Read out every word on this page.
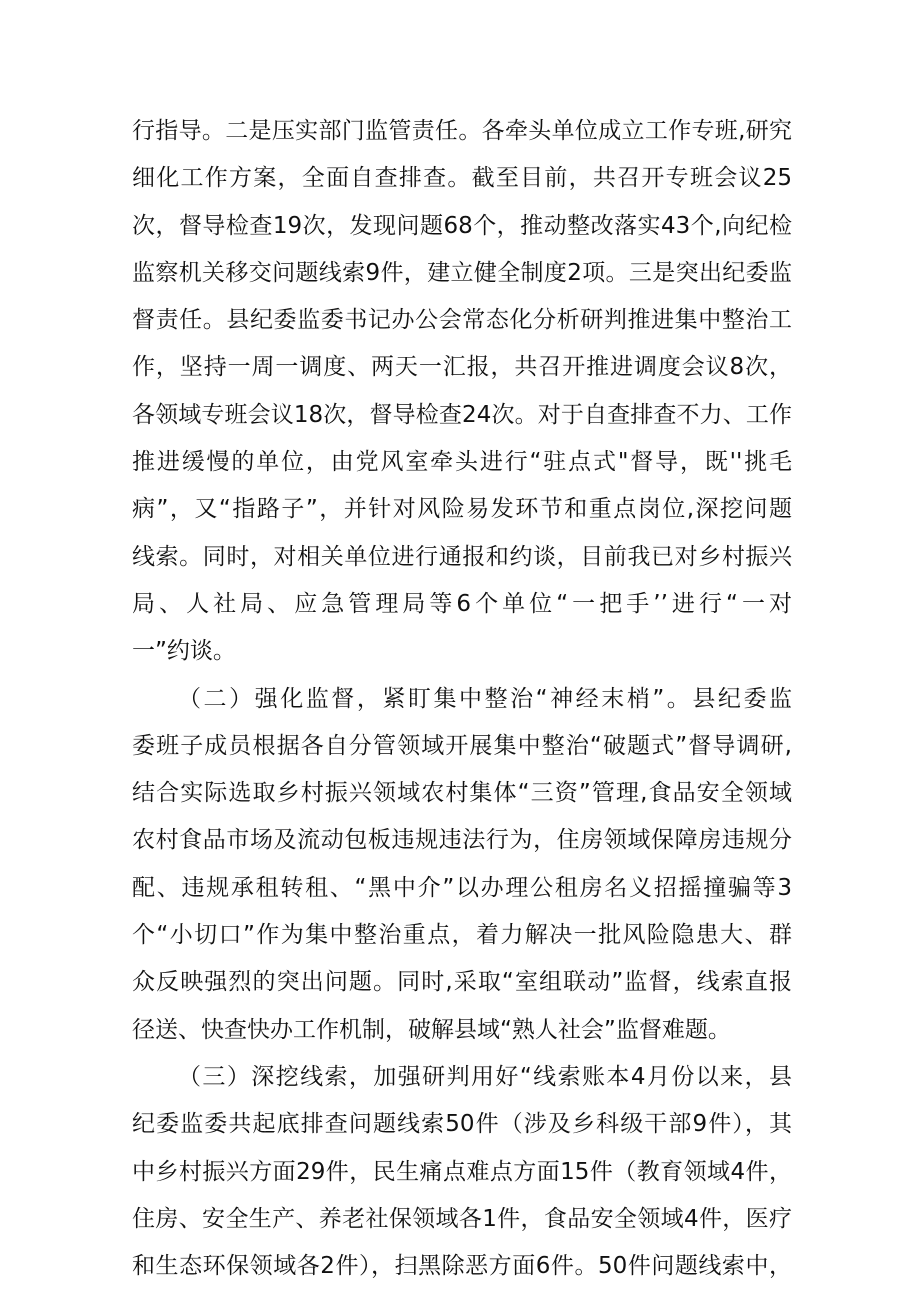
行指导。二是压实部门监管责任。各牵头单位成立工作专班,研究
细化工作方案，全面自查排查。截至目前，共召开专班会议25
次，督导检查19次，发现问题68个，推动整改落实43个,向纪检
监察机关移交问题线索9件，建立健全制度2项。三是突出纪委监
督责任。县纪委监委书记办公会常态化分析研判推进集中整治工
作，坚持一周一调度、两天一汇报，共召开推进调度会议8次，
各领域专班会议18次，督导检查24次。对于自查排查不力、工作
推进缓慢的单位，由党风室牵头进行“驻点式"督导，既''挑毛
病”，又“指路子”，并针对风险易发环节和重点岗位,深挖问题
线索。同时，对相关单位进行通报和约谈，目前我已对乡村振兴
局、人社局、应急管理局等6个单位“一把手’’进行“一对
一”约谈。
（二）强化监督，紧盯集中整治“神经末梢”。县纪委监
委班子成员根据各自分管领域开展集中整治“破题式”督导调研,
结合实际选取乡村振兴领域农村集体“三资”管理,食品安全领域
农村食品市场及流动包板违规违法行为，住房领域保障房违规分
配、违规承租转租、“黑中介”以办理公租房名义招摇撞骗等3
个“小切口”作为集中整治重点，着力解决一批风险隐患大、群
众反映强烈的突出问题。同时,采取“室组联动”监督，线索直报
径送、快查快办工作机制，破解县域“熟人社会”监督难题。
（三）深挖线索，加强研判用好“线索账本4月份以来，县
纪委监委共起底排查问题线索50件（涉及乡科级干部9件），其
中乡村振兴方面29件，民生痛点难点方面15件（教育领域4件，
住房、安全生产、养老社保领域各1件，食品安全领域4件，医疗
和生态环保领域各2件），扫黑除恶方面6件。50件问题线索中，
